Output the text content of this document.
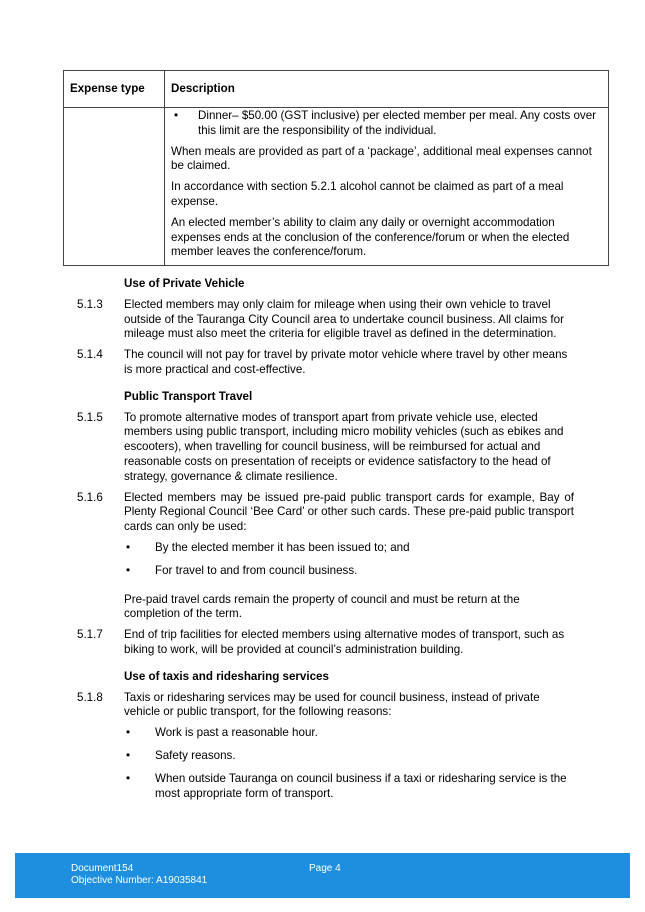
Expense type	Description

	• Dinner– $50.00 (GST inclusive) per elected member per meal. Any costs over this limit are the responsibility of the individual.

When meals are provided as part of a ‘package’, additional meal expenses cannot be claimed.

In accordance with section 5.2.1 alcohol cannot be claimed as part of a meal expense.

An elected member’s ability to claim any daily or overnight accommodation expenses ends at the conclusion of the conference/forum or when the elected member leaves the conference/forum.

Use of Private Vehicle
5.1.3 Elected members may only claim for mileage when using their own vehicle to travel outside of the Tauranga City Council area to undertake council business. All claims for mileage must also meet the criteria for eligible travel as defined in the determination.

5.1.4 The council will not pay for travel by private motor vehicle where travel by other means is more practical and cost-effective.

Public Transport Travel
5.1.5 To promote alternative modes of transport apart from private vehicle use, elected members using public transport, including micro mobility vehicles (such as ebikes and escooters), when travelling for council business, will be reimbursed for actual and reasonable costs on presentation of receipts or evidence satisfactory to the head of strategy, governance & climate resilience.

5.1.6 Elected members may be issued pre-paid public transport cards for example, Bay of Plenty Regional Council ‘Bee Card’ or other such cards. These pre-paid public transport cards can only be used:

• By the elected member it has been issued to; and
• For travel to and from council business.
Pre-paid travel cards remain the property of council and must be return at the completion of the term.
5.1.7 End of trip facilities for elected members using alternative modes of transport, such as biking to work, will be provided at council’s administration building.

Use of taxis and ridesharing services
5.1.8 Taxis or ridesharing services may be used for council business, instead of private vehicle or public transport, for the following reasons:

• Work is past a reasonable hour.
• Safety reasons.
• When outside Tauranga on council business if a taxi or ridesharing service is the most appropriate form of transport.
Document154
Objective Number: A19035841
Page 4
